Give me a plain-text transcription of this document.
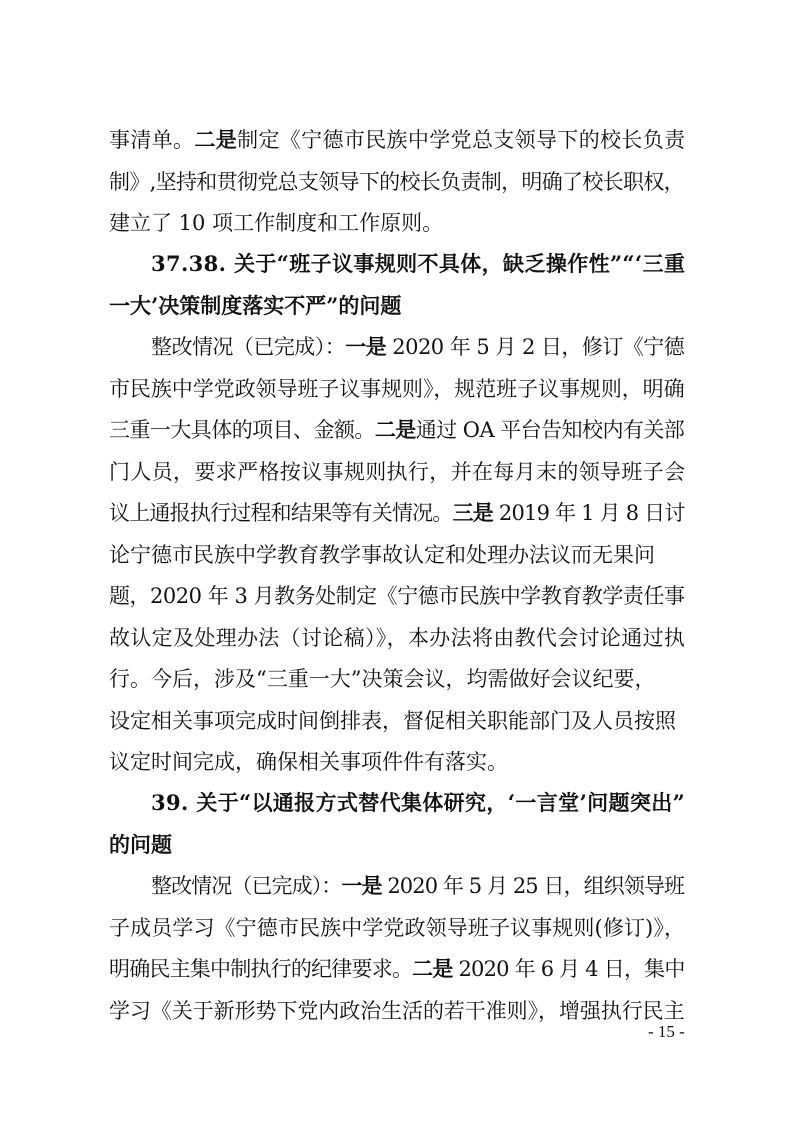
事清单。二是制定《宁德市民族中学党总支领导下的校长负责
制》,坚持和贯彻党总支领导下的校长负责制，明确了校长职权，
建立了 10 项工作制度和工作原则。
37.38. 关于“班子议事规则不具体，缺乏操作性”“‘三重
一大’决策制度落实不严”的问题
整改情况（已完成）：一是 2020 年 5 月 2 日，修订《宁德
市民族中学党政领导班子议事规则》，规范班子议事规则，明确
三重一大具体的项目、金额。二是通过 OA 平台告知校内有关部
门人员，要求严格按议事规则执行，并在每月末的领导班子会
议上通报执行过程和结果等有关情况。三是 2019 年 1 月 8 日讨
论宁德市民族中学教育教学事故认定和处理办法议而无果问
题，2020 年 3 月教务处制定《宁德市民族中学教育教学责任事
故认定及处理办法（讨论稿）》，本办法将由教代会讨论通过执
行。今后，涉及“三重一大”决策会议，均需做好会议纪要，
设定相关事项完成时间倒排表，督促相关职能部门及人员按照
议定时间完成，确保相关事项件件有落实。
39. 关于“以通报方式替代集体研究，‘一言堂’问题突出”
的问题
整改情况（已完成）：一是 2020 年 5 月 25 日，组织领导班
子成员学习《宁德市民族中学党政领导班子议事规则(修订)》，
明确民主集中制执行的纪律要求。二是 2020 年 6 月 4 日，集中
学习《关于新形势下党内政治生活的若干准则》，增强执行民主
- 15 -
